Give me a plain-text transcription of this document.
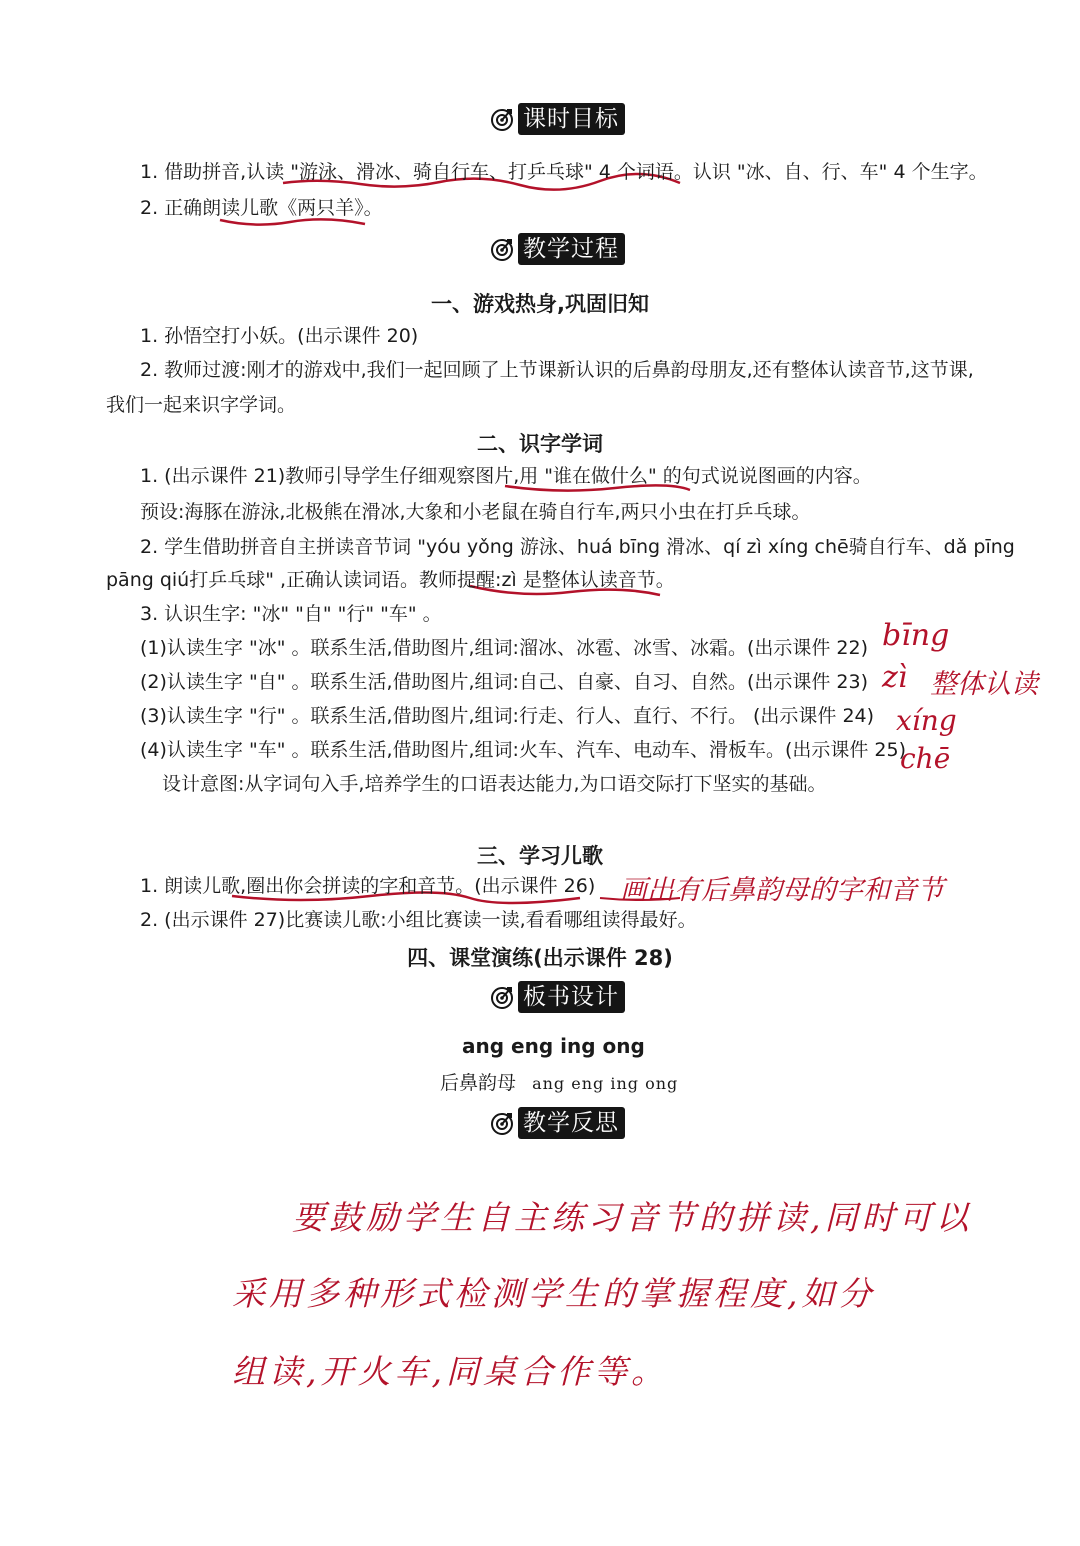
课时目标
1. 借助拼音,认读 "游泳、滑冰、骑自行车、打乒乓球" 4 个词语。认识 "冰、自、行、车" 4 个生字。
2. 正确朗读儿歌《两只羊》。
教学过程
一、游戏热身,巩固旧知
1. 孙悟空打小妖。(出示课件 20)
2. 教师过渡:刚才的游戏中,我们一起回顾了上节课新认识的后鼻韵母朋友,还有整体认读音节,这节课,
我们一起来识字学词。
二、识字学词
1. (出示课件 21)教师引导学生仔细观察图片,用 "谁在做什么" 的句式说说图画的内容。
预设:海豚在游泳,北极熊在滑冰,大象和小老鼠在骑自行车,两只小虫在打乒乓球。
2. 学生借助拼音自主拼读音节词 "yóu yǒng 游泳、huá bīng 滑冰、qí zì xíng chē骑自行车、dǎ pīng
pāng qiú打乒乓球" ,正确认读词语。教师提醒:zì 是整体认读音节。
3. 认识生字: "冰" "自" "行" "车" 。
(1)认读生字 "冰" 。联系生活,借助图片,组词:溜冰、冰雹、冰雪、冰霜。(出示课件 22)
(2)认读生字 "自" 。联系生活,借助图片,组词:自己、自豪、自习、自然。(出示课件 23)
(3)认读生字 "行" 。联系生活,借助图片,组词:行走、行人、直行、不行。 (出示课件 24)
(4)认读生字 "车" 。联系生活,借助图片,组词:火车、汽车、电动车、滑板车。(出示课件 25)
设计意图:从字词句入手,培养学生的口语表达能力,为口语交际打下坚实的基础。
bīng
zì 整体认读
xíng
chē
三、学习儿歌
1. 朗读儿歌,圈出你会拼读的字和音节。(出示课件 26) 画出有后鼻韵母的字和音节
2. (出示课件 27)比赛读儿歌:小组比赛读一读,看看哪组读得最好。
四、课堂演练(出示课件 28)
板书设计
ang eng ing ong
后鼻韵母 ang eng ing ong
教学反思
要鼓励学生自主练习音节的拼读,同时可以
采用多种形式检测学生的掌握程度,如分
组读,开火车,同桌合作等。
